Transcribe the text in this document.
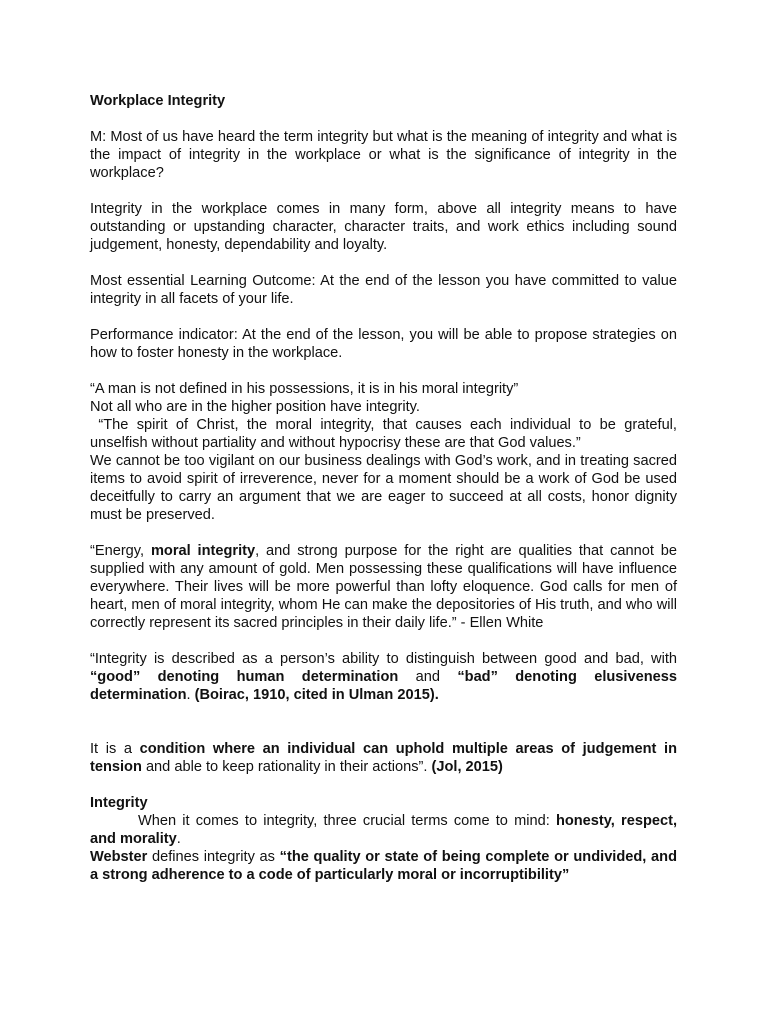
Workplace Integrity

M: Most of us have heard the term integrity but what is the meaning of integrity and what is the impact of integrity in the workplace or what is the significance of integrity in the workplace?

Integrity in the workplace comes in many form, above all integrity means to have outstanding or upstanding character, character traits, and work ethics including sound judgement, honesty, dependability and loyalty.

Most essential Learning Outcome: At the end of the lesson you have committed to value integrity in all facets of your life.

Performance indicator: At the end of the lesson, you will be able to propose strategies on how to foster honesty in the workplace.

“A man is not defined in his possessions, it is in his moral integrity”

Not all who are in the higher position have integrity.

“The spirit of Christ, the moral integrity, that causes each individual to be grateful, unselfish without partiality and without hypocrisy these are that God values.”

We cannot be too vigilant on our business dealings with God’s work, and in treating sacred items to avoid spirit of irreverence, never for a moment should be a work of God be used deceitfully to carry an argument that we are eager to succeed at all costs, honor dignity must be preserved.

“Energy, moral integrity, and strong purpose for the right are qualities that cannot be supplied with any amount of gold. Men possessing these qualifications will have influence everywhere. Their lives will be more powerful than lofty eloquence. God calls for men of heart, men of moral integrity, whom He can make the depositories of His truth, and who will correctly represent its sacred principles in their daily life.” - Ellen White

“Integrity is described as a person’s ability to distinguish between good and bad, with “good” denoting human determination and “bad” denoting elusiveness determination. (Boirac, 1910, cited in Ulman 2015).

It is a condition where an individual can uphold multiple areas of judgement in tension and able to keep rationality in their actions”. (Jol, 2015)

Integrity

When it comes to integrity, three crucial terms come to mind: honesty, respect, and morality.

Webster defines integrity as “the quality or state of being complete or undivided, and a strong adherence to a code of particularly moral or incorruptibility”
